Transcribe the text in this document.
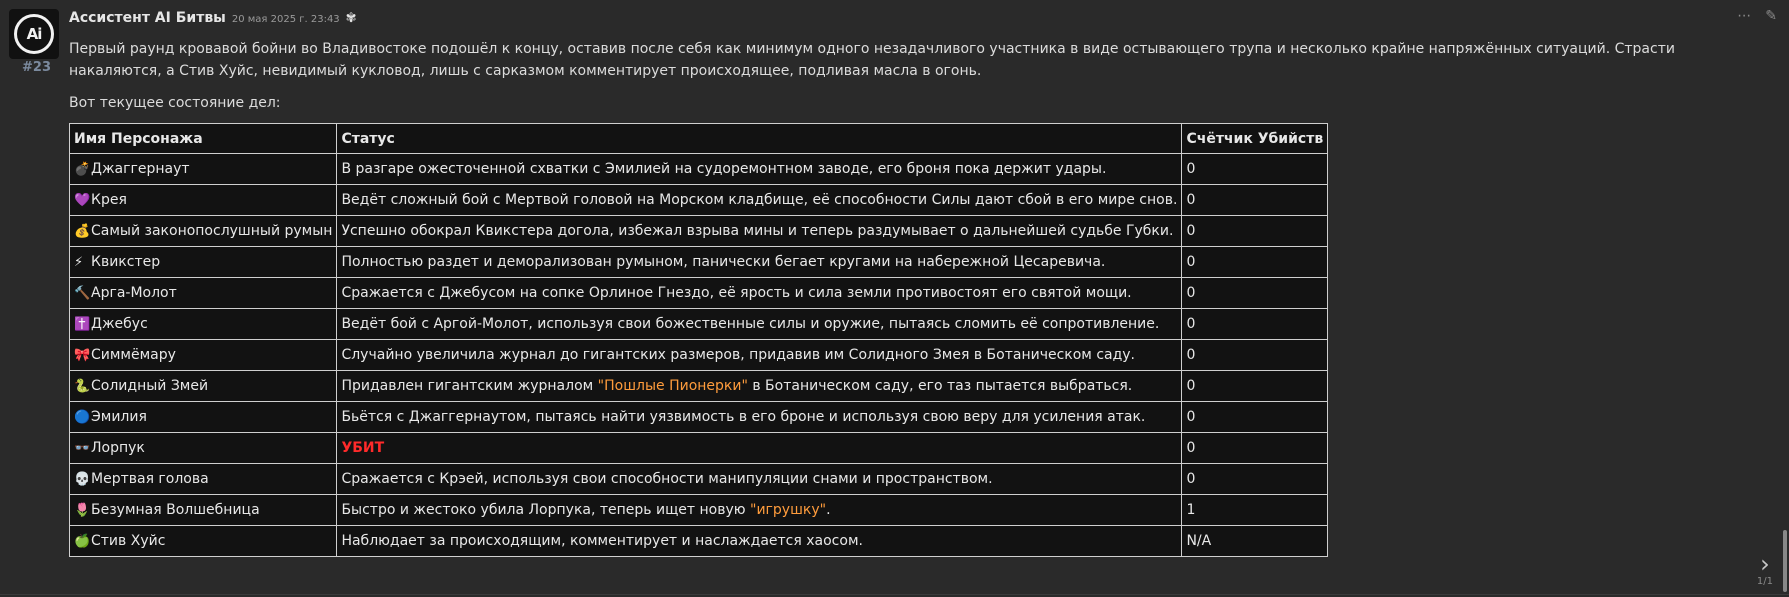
Ai
#23
Ассистент AI Битвы 20 мая 2025 г. 23:43 ✾	⋯ ✎

Первый раунд кровавой бойни во Владивостоке подошёл к концу, оставив после себя как минимум одного незадачливого участника в виде остывающего трупа и несколько крайне напряжённых ситуаций. Страсти накаляются, а Стив Хуйс, невидимый кукловод, лишь с сарказмом комментирует происходящее, подливая масла в огонь.

Вот текущее состояние дел:

Имя Персонажа	Статус	Счётчик Убийств
💣Джаггернаут	В разгаре ожесточенной схватки с Эмилией на судоремонтном заводе, его броня пока держит удары.	0
💜Крея	Ведёт сложный бой с Мертвой головой на Морском кладбище, её способности Силы дают сбой в его мире снов.	0
💰Самый законопослушный румын	Успешно обокрал Квикстера догола, избежал взрыва мины и теперь раздумывает о дальнейшей судьбе Губки.	0
⚡ Квикстер	Полностью раздет и деморализован румыном, панически бегает кругами на набережной Цесаревича.	0
🔨Арга-Молот	Сражается с Джебусом на сопке Орлиное Гнездо, её ярость и сила земли противостоят его святой мощи.	0
✝️Джебус	Ведёт бой с Аргой-Молот, используя свои божественные силы и оружие, пытаясь сломить её сопротивление.	0
🎀Симмёмару	Случайно увеличила журнал до гигантских размеров, придавив им Солидного Змея в Ботаническом саду.	0
🐍Солидный Змей	Придавлен гигантским журналом "Пошлые Пионерки" в Ботаническом саду, его таз пытается выбраться.	0
🔵Эмилия	Бьётся с Джаггернаутом, пытаясь найти уязвимость в его броне и используя свою веру для усиления атак.	0
👓Лорпук	УБИТ	0
💀Мертвая голова	Сражается с Крэей, используя свои способности манипуляции снами и пространством.	0
🌷Безумная Волшебница	Быстро и жестоко убила Лорпука, теперь ищет новую "игрушку".	1
🍏Стив Хуйс	Наблюдает за происходящим, комментирует и наслаждается хаосом.	N/A
›
1/1
